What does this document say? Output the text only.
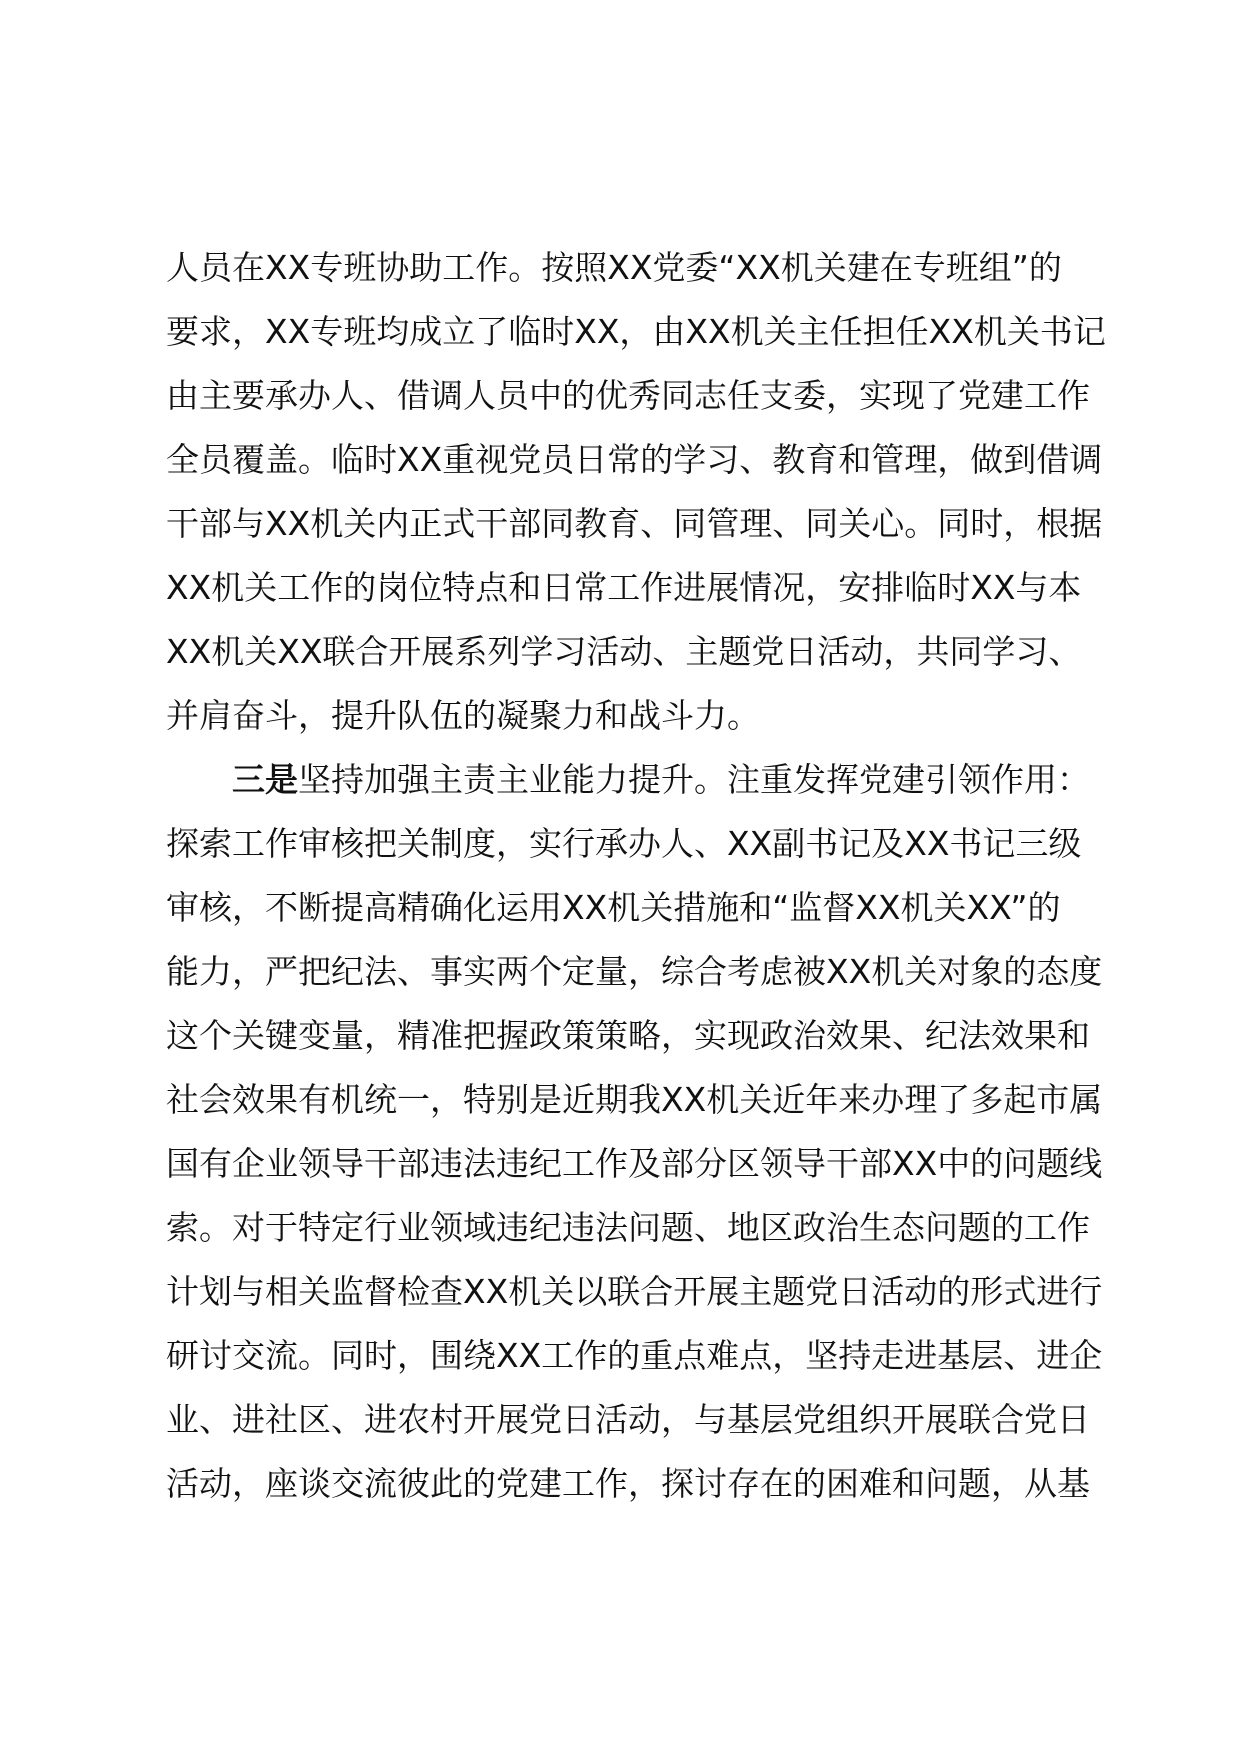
人员在XX专班协助工作。按照XX党委“XX机关建在专班组”的
要求，XX专班均成立了临时XX，由XX机关主任担任XX机关书记
由主要承办人、借调人员中的优秀同志任支委，实现了党建工作
全员覆盖。临时XX重视党员日常的学习、教育和管理，做到借调
干部与XX机关内正式干部同教育、同管理、同关心。同时，根据
XX机关工作的岗位特点和日常工作进展情况，安排临时XX与本
XX机关XX联合开展系列学习活动、主题党日活动，共同学习、
并肩奋斗，提升队伍的凝聚力和战斗力。
三是坚持加强主责主业能力提升。注重发挥党建引领作用：
探索工作审核把关制度，实行承办人、XX副书记及XX书记三级
审核，不断提高精确化运用XX机关措施和“监督XX机关XX”的
能力，严把纪法、事实两个定量，综合考虑被XX机关对象的态度
这个关键变量，精准把握政策策略，实现政治效果、纪法效果和
社会效果有机统一，特别是近期我XX机关近年来办理了多起市属
国有企业领导干部违法违纪工作及部分区领导干部XX中的问题线
索。对于特定行业领域违纪违法问题、地区政治生态问题的工作
计划与相关监督检查XX机关以联合开展主题党日活动的形式进行
研讨交流。同时，围绕XX工作的重点难点，坚持走进基层、进企
业、进社区、进农村开展党日活动，与基层党组织开展联合党日
活动，座谈交流彼此的党建工作，探讨存在的困难和问题，从基
